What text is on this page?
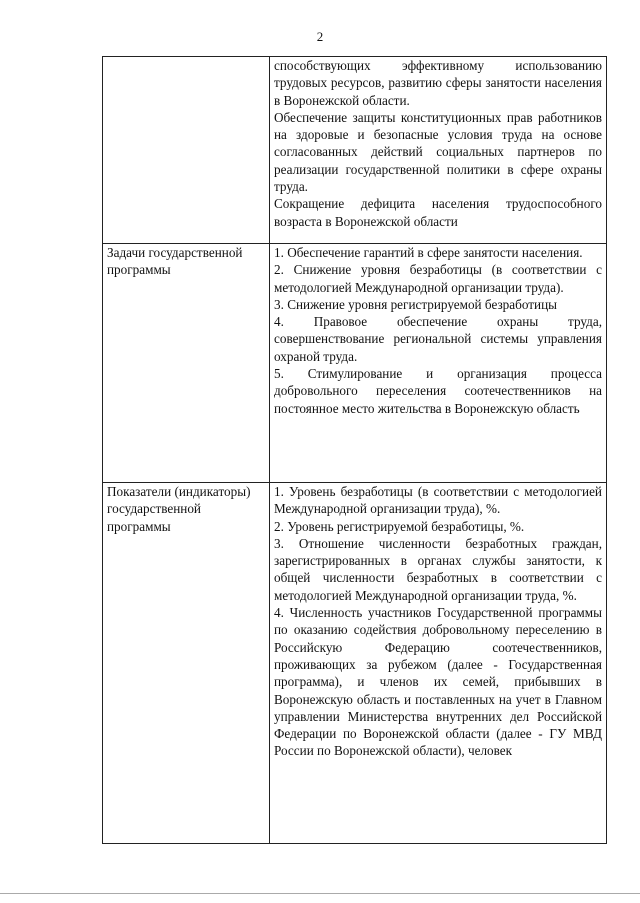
2

	способствующих эффективному использованию трудовых ресурсов, развитию сферы занятости населения в Воронежской области.

Обеспечение защиты конституционных прав работников на здоровые и безопасные условия труда на основе согласованных действий социальных партнеров по реализации государственной политики в сфере охраны труда.

Сокращение дефицита населения трудоспособного возраста в Воронежской области

Задачи государственной программы	1. Обеспечение гарантий в сфере занятости населения.

2. Снижение уровня безработицы (в соответствии с методологией Международной организации труда).

3. Снижение уровня регистрируемой безработицы

4. Правовое обеспечение охраны труда, совершенствование региональной системы управления охраной труда.

5. Стимулирование и организация процесса добровольного переселения соотечественников на постоянное место жительства в Воронежскую область

Показатели (индикаторы) государственной программы	1. Уровень безработицы (в соответствии с методологией Международной организации труда), %.

2. Уровень регистрируемой безработицы, %.

3. Отношение численности безработных граждан, зарегистрированных в органах службы занятости, к общей численности безработных в соответствии с методологией Международной организации труда, %.

4. Численность участников Государственной программы по оказанию содействия добровольному переселению в Российскую Федерацию соотечественников, проживающих за рубежом (далее - Государственная программа), и членов их семей, прибывших в Воронежскую область и поставленных на учет в Главном управлении Министерства внутренних дел Российской Федерации по Воронежской области (далее - ГУ МВД России по Воронежской области), человек
